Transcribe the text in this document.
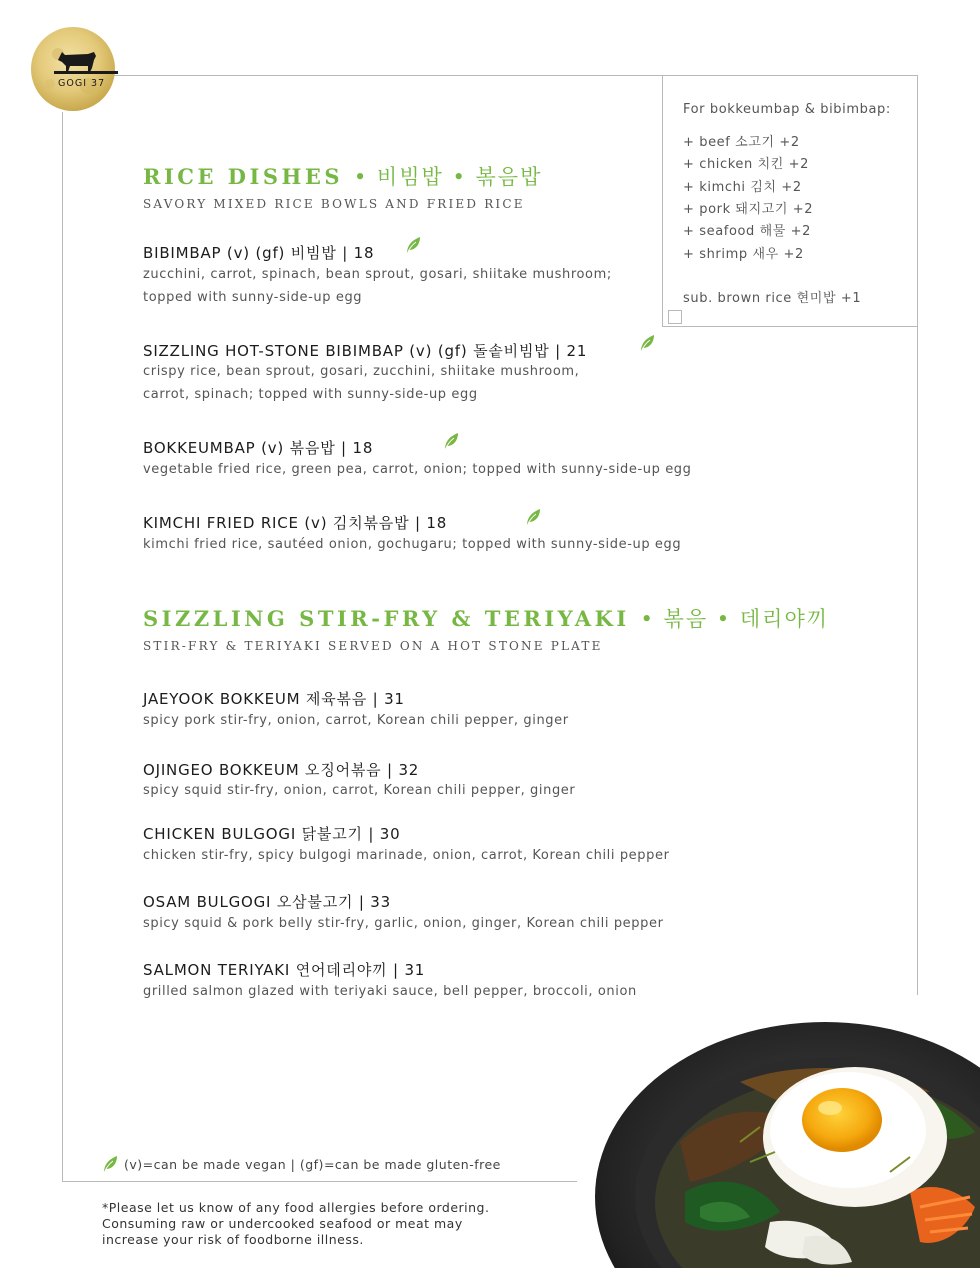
GOGI 37
For bokkeumbap & bibimbap:
+ beef 소고기 +2
+ chicken 치킨 +2
+ kimchi 김치 +2
+ pork 돼지고기 +2
+ seafood 해물 +2
+ shrimp 새우 +2
sub. brown rice 현미밥 +1
RICE DISHES • 비빔밥 • 볶음밥
SAVORY MIXED RICE BOWLS AND FRIED RICE
BIBIMBAP (v) (gf) 비빔밥 | 18
zucchini, carrot, spinach, bean sprout, gosari, shiitake mushroom;
topped with sunny-side-up egg
SIZZLING HOT-STONE BIBIMBAP (v) (gf) 돌솥비빔밥 | 21
crispy rice, bean sprout, gosari, zucchini, shiitake mushroom,
carrot, spinach; topped with sunny-side-up egg
BOKKEUMBAP (v) 볶음밥 | 18
vegetable fried rice, green pea, carrot, onion; topped with sunny-side-up egg
KIMCHI FRIED RICE (v) 김치볶음밥 | 18
kimchi fried rice, sautéed onion, gochugaru; topped with sunny-side-up egg
SIZZLING STIR-FRY & TERIYAKI • 볶음 • 데리야끼
STIR-FRY & TERIYAKI SERVED ON A HOT STONE PLATE
JAEYOOK BOKKEUM 제육볶음 | 31
spicy pork stir-fry, onion, carrot, Korean chili pepper, ginger
OJINGEO BOKKEUM 오징어볶음 | 32
spicy squid stir-fry, onion, carrot, Korean chili pepper, ginger
CHICKEN BULGOGI 닭불고기 | 30
chicken stir-fry, spicy bulgogi marinade, onion, carrot, Korean chili pepper
OSAM BULGOGI 오삼불고기 | 33
spicy squid & pork belly stir-fry, garlic, onion, ginger, Korean chili pepper
SALMON TERIYAKI 연어데리야끼 | 31
grilled salmon glazed with teriyaki sauce, bell pepper, broccoli, onion
(v)=can be made vegan | (gf)=can be made gluten-free
*Please let us know of any food allergies before ordering.
Consuming raw or undercooked seafood or meat may
increase your risk of foodborne illness.
